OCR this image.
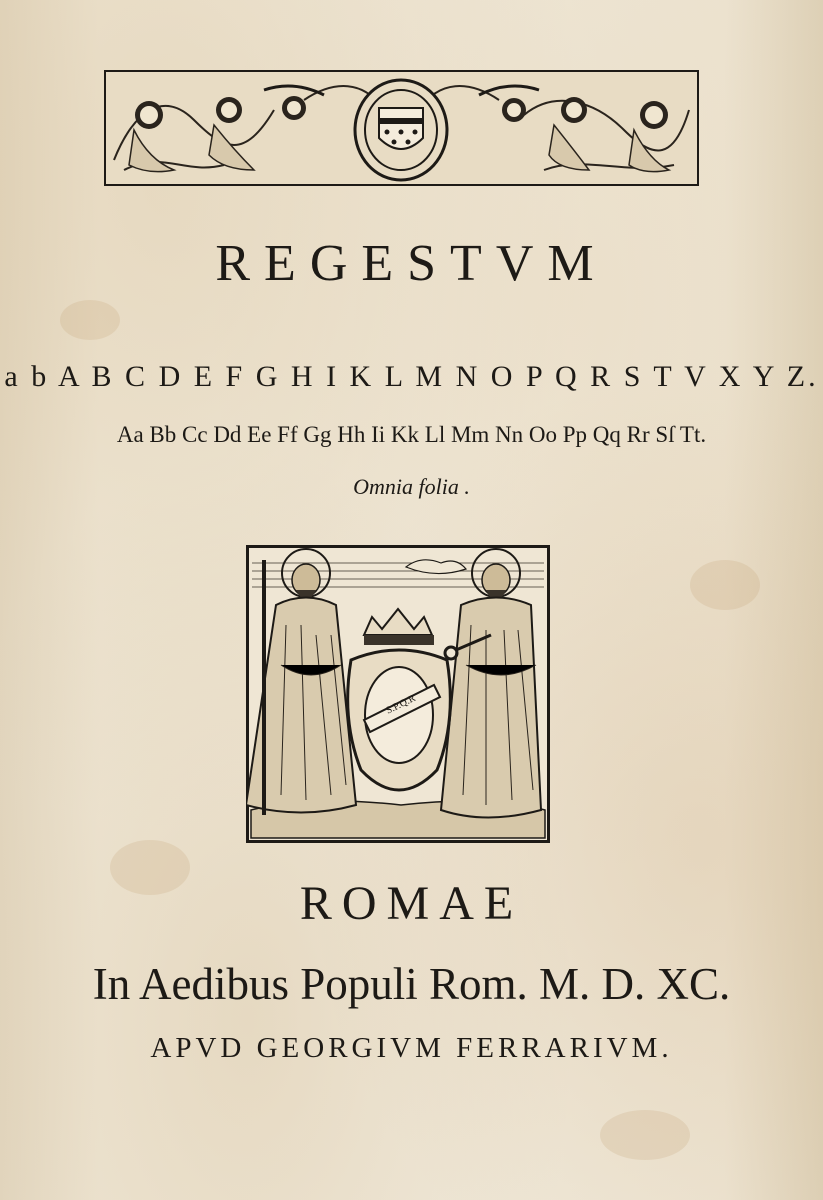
REGESTVM
a b A B C D E F G H I K L M N O P Q R S T V X Y Z.
Aa Bb Cc Dd Ee Ff Gg Hh Ii Kk Ll Mm Nn Oo Pp Qq Rr Sſ Tt.
Omnia folia .
S.P.Q.R
ROMAE
In Aedibus Populi Rom. M. D. XC.
APVD GEORGIVM FERRARIVM.
